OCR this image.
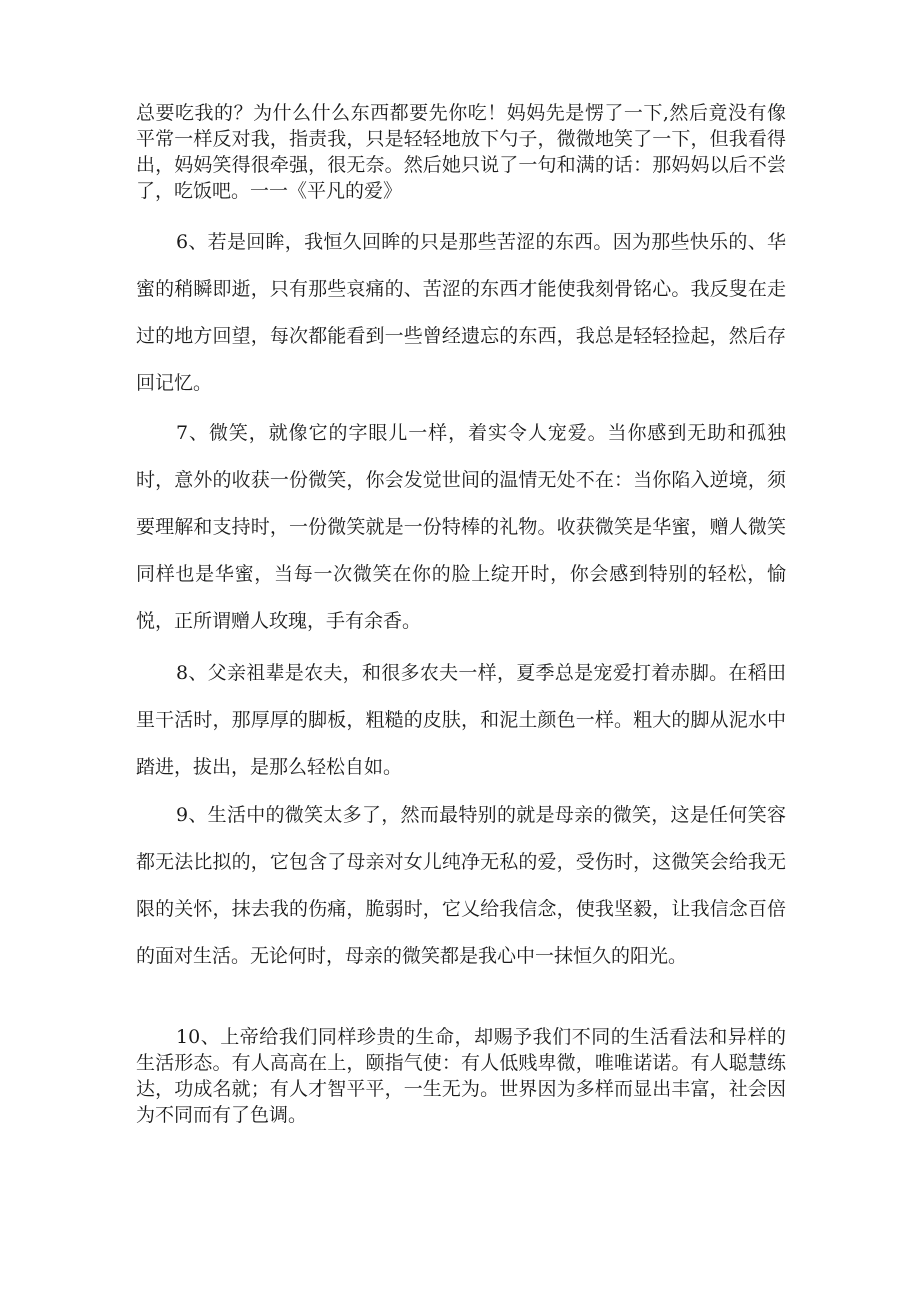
总要吃我的？为什么什么东西都要先你吃！妈妈先是愣了一下,然后竟没有像平常一样反对我，指责我，只是轻轻地放下勺子，微微地笑了一下，但我看得出，妈妈笑得很牵强，很无奈。然后她只说了一句和满的话：那妈妈以后不尝了，吃饭吧。一一《平凡的爱》

6、若是回眸，我恒久回眸的只是那些苦涩的东西。因为那些快乐的、华蜜的稍瞬即逝，只有那些哀痛的、苦涩的东西才能使我刻骨铭心。我反叟在走过的地方回望，每次都能看到一些曾经遗忘的东西，我总是轻轻捡起，然后存回记忆。

7、微笑，就像它的字眼儿一样，着实令人宠爱。当你感到无助和孤独时，意外的收获一份微笑，你会发觉世间的温情无处不在：当你陷入逆境，须要理解和支持时，一份微笑就是一份特棒的礼物。收获微笑是华蜜，赠人微笑同样也是华蜜，当每一次微笑在你的脸上绽开时，你会感到特别的轻松，愉悦，正所谓赠人玫瑰，手有余香。

8、父亲祖辈是农夫，和很多农夫一样，夏季总是宠爱打着赤脚。在稻田里干活时，那厚厚的脚板，粗糙的皮肤，和泥土颜色一样。粗大的脚从泥水中踏进，拔出，是那么轻松自如。

9、生活中的微笑太多了，然而最特别的就是母亲的微笑，这是任何笑容都无法比拟的，它包含了母亲对女儿纯净无私的爱，受伤时，这微笑会给我无限的关怀，抹去我的伤痛，脆弱时，它乂给我信念，使我坚毅，让我信念百倍的面对生活。无论何时，母亲的微笑都是我心中一抹恒久的阳光。

10、上帝给我们同样珍贵的生命，却赐予我们不同的生活看法和异样的生活形态。有人高高在上，颐指气使：有人低贱卑微，唯唯诺诺。有人聪慧练达，功成名就；有人才智平平，一生无为。世界因为多样而显出丰富，社会因为不同而有了色调。
